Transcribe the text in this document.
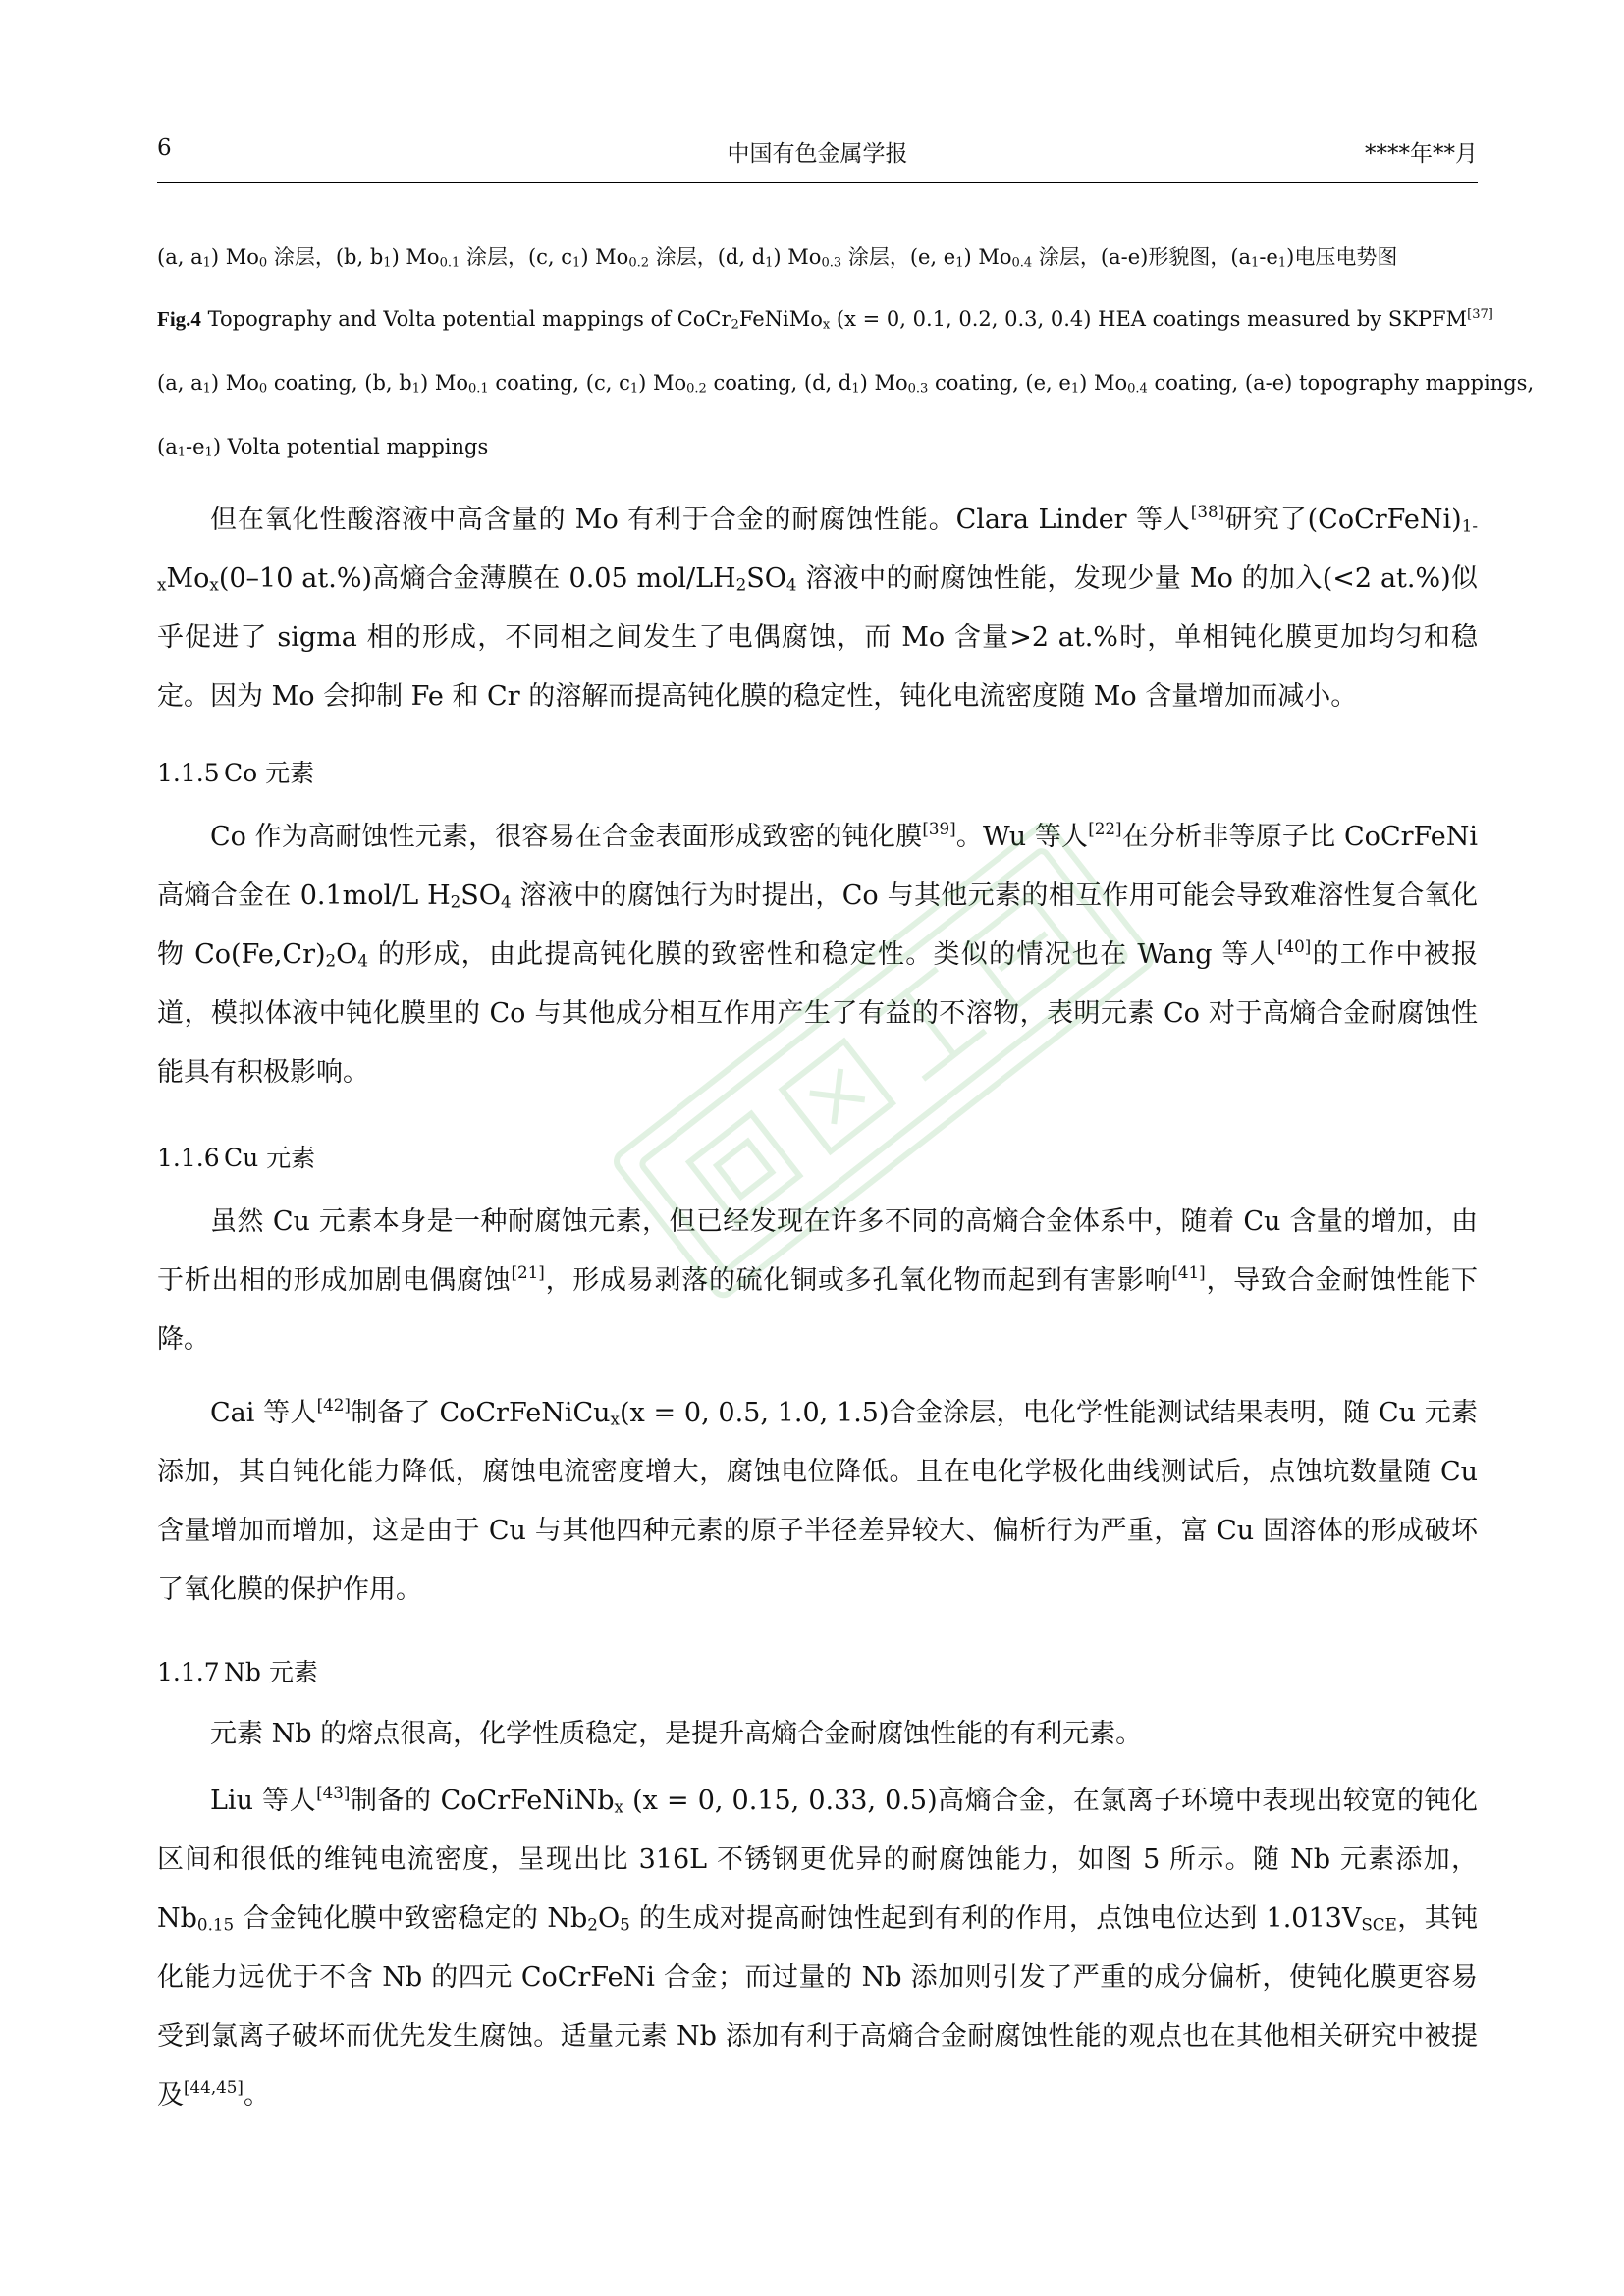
6	中国有色金属学报	****年**月
(a, $a_1$) $Mo_0$ 涂层，(b, $b_1$) $Mo_{0.1}$ 涂层，(c, $c_1$) $Mo_{0.2}$ 涂层，(d, $d_1$) $Mo_{0.3}$ 涂层，(e, $e_1$) $Mo_{0.4}$ 涂层，(a-e)形貌图，$(a_1-e_1)$电压电势图
Fig.4 Topography and Volta potential mappings of CoCr$_2$FeNiMo$_x$ (x = 0, 0.1, 0.2, 0.3, 0.4) HEA coatings measured by SKPFM[37]
(a, $a_1$) $Mo_0$ coating, (b, $b_1$) $Mo_{0.1}$ coating, (c, $c_1$) $Mo_{0.2}$ coating, (d, $d_1$) $Mo_{0.3}$ coating, (e, $e_1$) $Mo_{0.4}$ coating, (a-e) topography mappings,
$(a_1-e_1)$ Volta potential mappings
但在氧化性酸溶液中高含量的 Mo 有利于合金的耐腐蚀性能。Clara Linder 等人[38]研究了$(CoCrFeNi)_{1-x}Mo_x(0-10$ at.%)高熵合金薄膜在 0.05 mol/$LH_2SO_4$ 溶液中的耐腐蚀性能，发现少量 Mo 的加入(<2 at.%)似乎促进了 sigma 相的形成，不同相之间发生了电偶腐蚀，而 Mo 含量>2 at.%时，单相钝化膜更加均匀和稳定。因为 Mo 会抑制 Fe 和 Cr 的溶解而提高钝化膜的稳定性，钝化电流密度随 Mo 含量增加而减小。
1.1.5 Co 元素
Co 作为高耐蚀性元素，很容易在合金表面形成致密的钝化膜[39]。Wu 等人[22]在分析非等原子比 CoCrFeNi 高熵合金在 0.1mol/L $H_2SO_4$ 溶液中的腐蚀行为时提出，Co 与其他元素的相互作用可能会导致难溶性复合氧化物 $Co(Fe,Cr)_2O_4$ 的形成，由此提高钝化膜的致密性和稳定性。类似的情况也在 Wang 等人[40]的工作中被报道，模拟体液中钝化膜里的 Co 与其他成分相互作用产生了有益的不溶物，表明元素 Co 对于高熵合金耐腐蚀性能具有积极影响。
1.1.6 Cu 元素
虽然 Cu 元素本身是一种耐腐蚀元素，但已经发现在许多不同的高熵合金体系中，随着 Cu 含量的增加，由于析出相的形成加剧电偶腐蚀[21]，形成易剥落的硫化铜或多孔氧化物而起到有害影响[41]，导致合金耐蚀性能下降。
Cai 等人[42]制备了 CoCrFeNiCu$_x$(x = 0, 0.5, 1.0, 1.5)合金涂层，电化学性能测试结果表明，随 Cu 元素添加，其自钝化能力降低，腐蚀电流密度增大，腐蚀电位降低。且在电化学极化曲线测试后，点蚀坑数量随 Cu 含量增加而增加，这是由于 Cu 与其他四种元素的原子半径差异较大、偏析行为严重，富 Cu 固溶体的形成破坏了氧化膜的保护作用。
1.1.7 Nb 元素
元素 Nb 的熔点很高，化学性质稳定，是提升高熵合金耐腐蚀性能的有利元素。
Liu 等人[43]制备的 CoCrFeNiNb$_x$ (x = 0, 0.15, 0.33, 0.5)高熵合金，在氯离子环境中表现出较宽的钝化区间和很低的维钝电流密度，呈现出比 316L 不锈钢更优异的耐腐蚀能力，如图 5 所示。随 Nb 元素添加，$Nb_{0.15}$ 合金钝化膜中致密稳定的 $Nb_2O_5$ 的生成对提高耐蚀性起到有利的作用，点蚀电位达到 $1.013V_{SCE}$，其钝化能力远优于不含 Nb 的四元 CoCrFeNi 合金；而过量的 Nb 添加则引发了严重的成分偏析，使钝化膜更容易受到氯离子破坏而优先发生腐蚀。适量元素 Nb 添加有利于高熵合金耐腐蚀性能的观点也在其他相关研究中被提及[44,45]。
